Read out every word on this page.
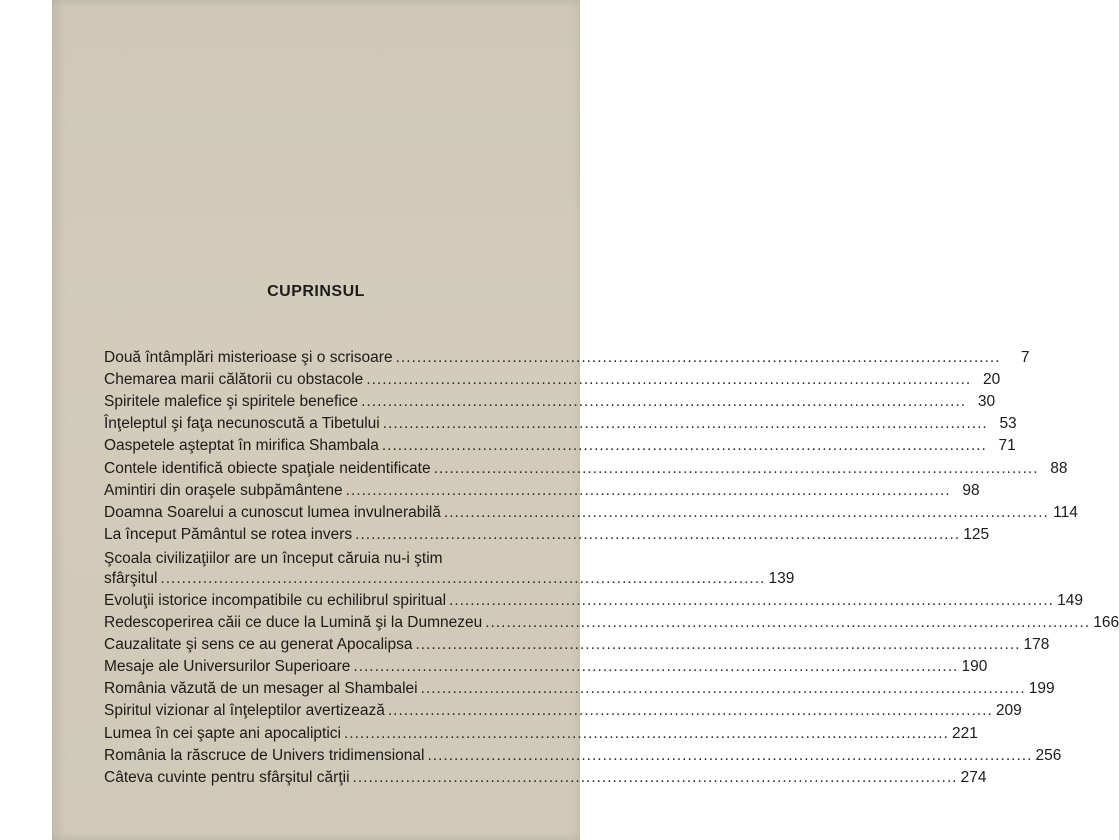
CUPRINSUL
Două întâmplări misterioase şi o scrisoare ..................................................................................................................	7
Chemarea marii călătorii cu obstacole .................................................................................................................. 20
Spiritele malefice şi spiritele benefice .................................................................................................................. 30
Înţeleptul şi faţa necunoscută a Tibetului .................................................................................................................. 53
Oaspetele aşteptat în mirifica Shambala .................................................................................................................. 71
Contele identifică obiecte spaţiale neidentificate .................................................................................................................. 88
Amintiri din oraşele subpământene .................................................................................................................. 98
Doamna Soarelui a cunoscut lumea invulnerabilă .................................................................................................................. 114
La început Pământul se rotea invers .................................................................................................................. 125
Şcoala civilizaţiilor are un început căruia nu-i ştim
sfârşitul .................................................................................................................. 139
Evoluţii istorice incompatibile cu echilibrul spiritual .................................................................................................................. 149
Redescoperirea căii ce duce la Lumină şi la Dumnezeu .................................................................................................................. 166
Cauzalitate şi sens ce au generat Apocalipsa .................................................................................................................. 178
Mesaje ale Universurilor Superioare .................................................................................................................. 190
România văzută de un mesager al Shambalei .................................................................................................................. 199
Spiritul vizionar al înţeleptilor avertizează .................................................................................................................. 209
Lumea în cei şapte ani apocaliptici .................................................................................................................. 221
România la răscruce de Univers tridimensional .................................................................................................................. 256
Câteva cuvinte pentru sfârşitul cărţii .................................................................................................................. 274
